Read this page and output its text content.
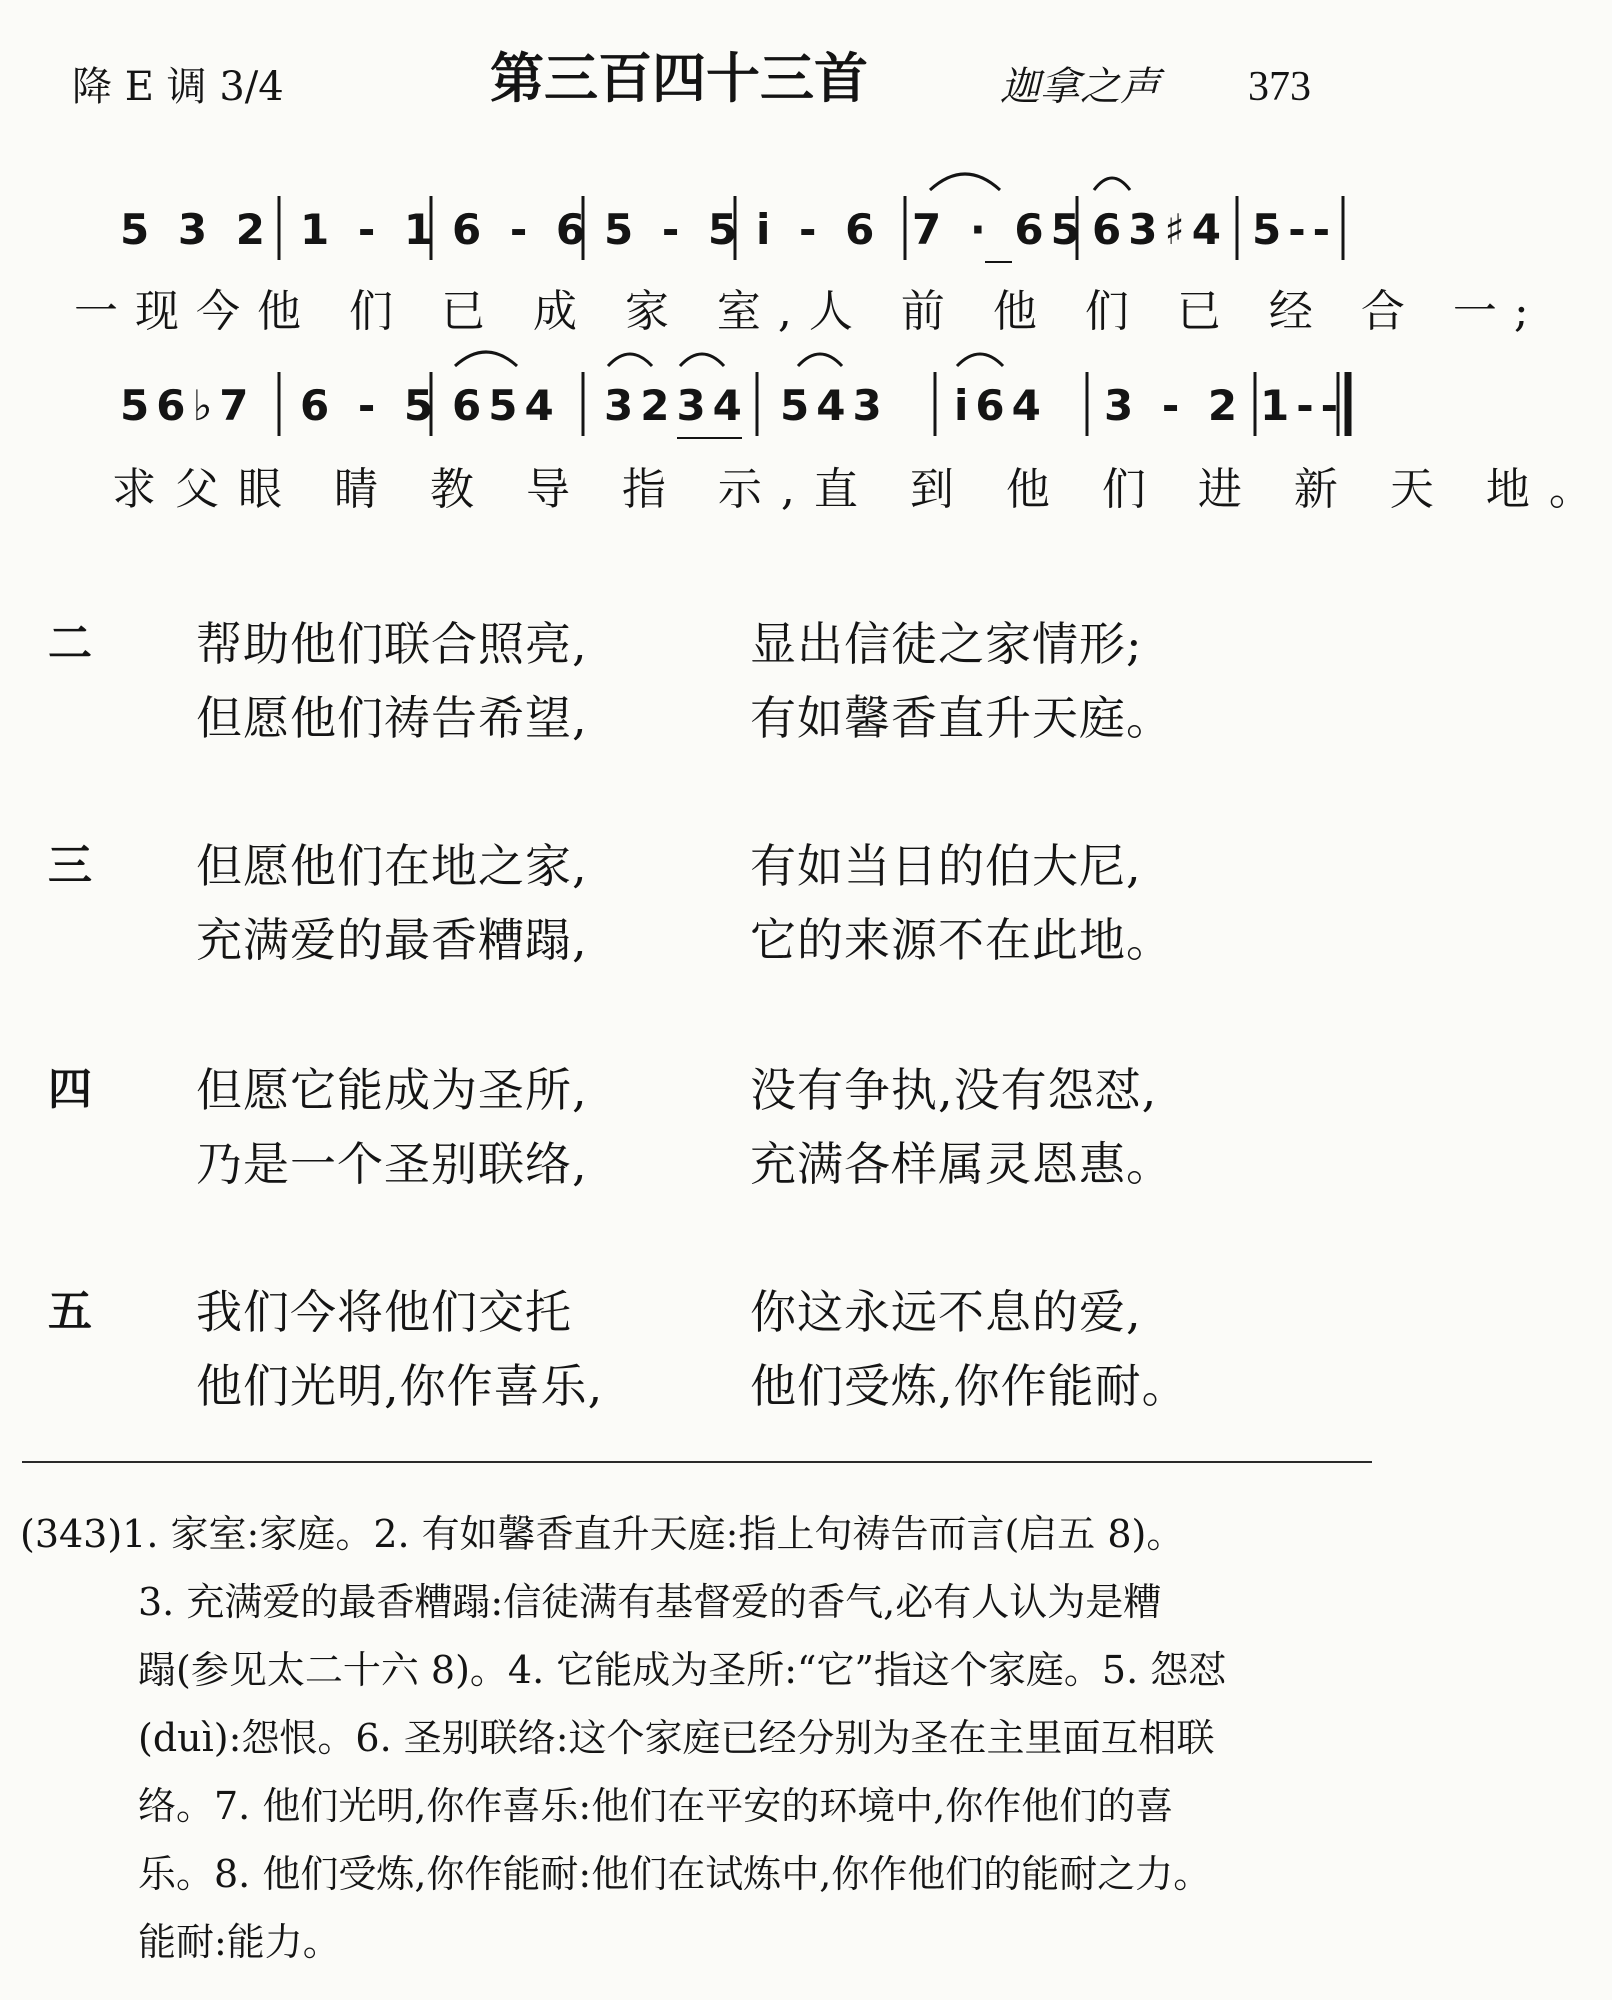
降 E 调 3/4	第三百四十三首	迦拿之声 373
5 3 2 1 - 1 6 - 6 5 - 5 i - 6 7 · 65 63♯4 5--
一现今他 们 已 成 家 室,人 前 他 们 已 经 合 一;
56♭7 6 - 5 654 3234 543 i64 3 - 2 1--
求父眼 睛 教 导 指 示,直 到 他 们 进 新 天 地。
二 帮助他们联合照亮,	显出信徒之家情形;
但愿他们祷告希望,	有如馨香直升天庭。
三 但愿他们在地之家,	有如当日的伯大尼,
充满爱的最香糟蹋,	它的来源不在此地。
四 但愿它能成为圣所,	没有争执,没有怨怼,
乃是一个圣别联络,	充满各样属灵恩惠。
五 我们今将他们交托	你这永远不息的爱,
他们光明,你作喜乐,	他们受炼,你作能耐。

(343)1. 家室:家庭。2. 有如馨香直升天庭:指上句祷告而言(启五 8)。

3. 充满爱的最香糟蹋:信徒满有基督爱的香气,必有人认为是糟

蹋(参见太二十六 8)。4. 它能成为圣所:“它”指这个家庭。5. 怨怼

(duì):怨恨。6. 圣别联络:这个家庭已经分别为圣在主里面互相联

络。7. 他们光明,你作喜乐:他们在平安的环境中,你作他们的喜

乐。8. 他们受炼,你作能耐:他们在试炼中,你作他们的能耐之力。

能耐:能力。
